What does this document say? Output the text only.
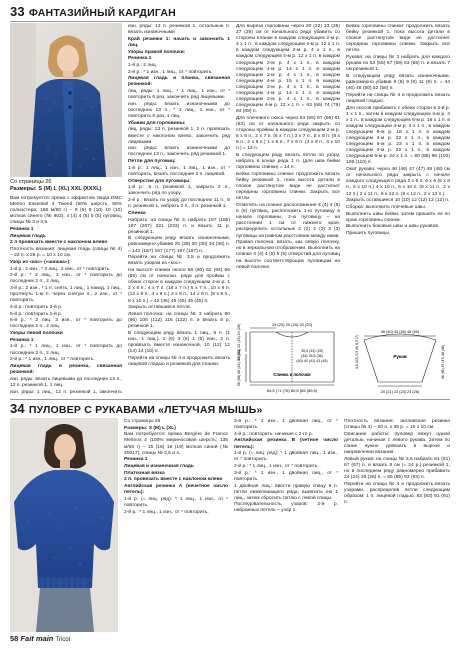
33 ФАНТАЗИЙНЫЙ КАРДИГАН
Со страницы 26
Размеры: S (M) L (XL) XXL (XXXL)

Вам потребуется: пряжа с эффектом твида DMC Merino Essentiel 4 Tweed (50% шерсть, 50% полиэстера; 165 м/50 г) – 8 (9) 9 (10) 10 (10) мотков синего (№ 903); 4 (4) 4 (5) 5 (5) пуговиц; спицы № 3 и 3,5.

Резинка 1

Лицевая гладь

2 л провязать вместе с наклоном влево

Плотность вязания: лицевая гладь (спицы № 4) – 22 п. х 28 р. = 10 х 10 см.

Узор из «кос» («шишка»):

1-й р.: 2 изн., * 3 лиц., 2 изн., от * повторить.

2-й р.: * 2 лиц., 3 изн., от * повторить до последних 2 п., 2 лиц.

3-й р.: 2 изн., * 1 п. снять, 1 лиц., 1 накид, 1 лиц., протянуть 1-ю п. через снятую п., 2 изн., от * повторить.

4-й р.: повторить 2-й р.

5-й р.: повторить 1-й р.

6-й р.: * 2 лиц. 3 изн., от * повторить до последних 2 п., 2 лиц.

Узоры левой полочки

Резинка 1

1-й р.: * 1 лиц., 1 изн., от * повторить до последних 2 п., 2 лиц.

2-й р.: * 1 изн., 1 лиц., от * повторить.

Лицевая гладь и резинка, связанная резинкой:

изн. ряды: вязать лицевыми до последних 13 п., 12 п. резинкой 1, 1 лиц.

изн. ряды: 1 лиц., 12 п. резинкой 1, закончить

изн. ряды: 13 п. резинкой 1, остальные п. вязать изнаночными

Край резинки 1: начать и закончить 1 лиц.

Узоры правой полочки:

Резинка 1

1-й р.: 2 лиц.

2-й р.: * 1 изн., 1 лиц., от * повторить.

Лицевая гладь и планка, связанная резинкой:

лиц. ряды: 1 лиц., * 1 лиц., 1 изн., от * повторить 6 раз, закончить ряд лицевыми.

изн. ряды: вязать изнаночными до последних 13 п., * 1 лиц., 1 изн., от * повторить 6 раз, 1 лиц.

Убавки для горловины:

лиц. ряды: 13 п. резинкой 1, 2 п. провязать вместе с наклоном влево, закончить ряд лицевыми.

изн. ряды: вязать изнаночными до последних 13 п., закончить ряд резинкой 1.

Петли для пуговиц:

1-й р.: 1 лиц., 1 изн., 1 лиц., 1 изн., от * повторить, вязать последние 2 п. лицевой.

Отверстие для пуговицы:

1-й р.: 5 п. резинкой 1, закрыть 2 п., закончить ряд по узору.

2-й р.: вязать по узору до последних 11 п., 8 п. резинкой 1, набрать 2 п., 3 п. резинкой 1.

Спинка

Набрать: на спицы № 3, набрать 167 (185) 197 (207) 221 (233) п. и вязать 11 р. резинкой 1.

В следующем ряду вязать изнаночными, равномерно убавив 25 (28) 30 (30) 34 (36) п. = 142 (157) 167 (177) 187 (197) п.

Перейти на спицы № 3,5 и продолжить вязать узором из «кос».

На высоте спинки около 58 (60) 62 (64) 66 (68) см от начальн. ряда для проймы с обеих сторон в каждом следующем 2-м р. 1 2 х 6 п., 4 х 7 п. (16 х 7 п.) 6 х 7 п., 10 х 8 п. (12 х 8 п., 4 х 9 п.) 2 х 8 п., 14 х 9 п. (8 х 9 п., 8 х 10 п.) = 42 (45) 45 (45) 45 (45) п.

Закрыть оставшиеся петли.

Левая полочка: на спицы № 3 набрать 90 (96) 106 (112) 116 (122) п. и вязать 8 р. резинкой 1.

В следующем ряду вязать 1 лиц., 6 п. (1 изн., 1 лиц.), 2 (5) 3 (6) 1 (5) изн., 2 п. провязать вместе изнаночной, 10 (12) 12 (14) 14 (16) п.

Перейти на спицы № 4 и продолжить вязать лицевой гладью и резинкой для планки.

Для выреза горловины через 20 (22) 23 (25) 27 (29) см от начального ряда убавить со стороны планки в каждом следующем 2-м р. 4 х 1 п., в каждом следующем 4-м р. 12 х 1 п. в каждом следующем 2-м р. 4 х 1 п., в каждом следующем 4-м р. 12 х 1 п. в каждом следующем 2-м р. 4 х 1 п., в каждом следующем 4-м р. 14 х 1 п. в каждом следующем 2-м р. 4 х 1 п., в каждом следующем 4-м р. 15 х 1 п. в каждом следующем 2-м р. 4 х 1 п., в каждом следующем 4-м р. 14 х 1 п. в каждом следующем 2-м р. 4 х 1 п., в каждом следующем 4-м р. 12 х 1 п. = 63 (66) 74 (79) 84 (89) п.

Для плечевого скоса через 53 (55) 57 (59) 61 (63) см от начального ряда закрыть со стороны проймы в каждом следующем 2-м р. 6 х 6 п., 2 х 7 п. (6 х 7 п.) 3 х 7 п., 5 х 8 п. (8 х 8 п., 2 х 9 п.) 1 х 8 п., 7 х 9 п. (4 х 9 п., 4 х 10 п.) = 13 п.

В следующем ряду вязать петли по узору, набрать в конце ряда 1 п. (для шва бейки горловины спинки) = 14 п.

Бейка горловины спинки: продолжить вязать бейку резинкой 1, пока высота детали в спокое растянутом виде не достигнет середины горловины спинки. Закрыть все петли.

Отметить на планке расположение 4 (4) 4 (5) 5 (5) пуговиц, расположить 1-ю пуговицу в начале горловины, 2-ю пуговицу – на расстоянии 1 см от нижнего края, распределить остальные 2 (2) 2 (3) 3 (3) пуговицы на равном расстоянии между ними.

Правая полочка: вязать, как левую полочку, но в зеркальном отображении. Выполнить на планке 4 (4) 4 (5) 5 (5) отверстий для пуговиц на высоте соответствующих пуговицам на левой полочке.

Бейка горловины спинки: продолжить вязать бейку резинкой 1, пока высота детали в спокое растянутом виде не достигнет середины горловины спинки. Закрыть все петли.

Рукава: на спицы № 3 набрать для каждого рукава по 53 (55) 57 (59) 63 (65) п. и вязать 7 см резинкой 1.

В следующем ряду вязать изнаночными, равномерно убавив 9 (9) 9 (9) 11 (9) п. = 44 (46) 48 (50) 52 (56) п.

Перейти на спицы № 4 и продолжить вязать лицевой гладью.

Для скосов прибавить с обеих сторон в 2-й р. 1 х 1 п., затем в каждом следующем 4-м р. 4 х 1 п., в каждом следующем 6-м р. 16 х 1 п. в каждом следующем 4-м р. 4 х 1 п., в каждом следующем 6-м р. 18 х 1 п. в каждом следующем 4-м р. 22 х 1 п., в каждом следующем 6-м р. 23 х 1 п. в каждом следующем 4-м р. 22 х 1 п., в каждом следующем 6-м р. 24 х 1 п. = 80 (88) 96 (102) 106 (110) п.

Окат рукава: через 46 (46) 47 (47) 48 (48) см от начального ряда закрыть с начале каждого следующего ряда 2 х 5 п. 6 х 6 (6 х 8 п., 6 х 10 п.) 4 х 10 п., 6 х 10 п. (8 х 11 п., 2 х 12 п.) 2 х 11 п., 6 х 12 п. (6 х 12 п., 2 х 13 п.).

Закрыть оставшиеся 10 (10) 12 (12) 12 (12) п.

Сборка: выполнить плечевые швы.

Выполнить швы бейки, затем пришить ее по краю горловины спинки.

Выполнить боковые швы и швы рукавов.

Пришить пуговицы.

19 (20) 20 (20) 20 (20)
19 (21) 22 (23) 24 (26)
56 (58) 60 (62) 64 (66)	30,5 (33) (25)
(34) 35,5 (36)
(40) 40 (41) 43 (45)
Спинка и полочки
64,5 (71 (76) 80,5 (85 (89,5)
36 (40) 44 (46) 48 (50)
Рукав
4,5 (4,5) 5,5 (6) 6,5 (7)	46 (46) 47 (47) 48 (48)
20 (21) 22 (23) 24 (25)
34 ПУЛОВЕР С РУКАВАМИ «ЛЕТУЧАЯ МЫШЬ»

Со страницы 26

Размеры: S (M) L (XL)

Вам потребуется: пряжа Bergère de France Merinos 4 (100% мериносовая шерсть; 135 м/50 г) – 15 (16) 18 (19) мотков синей (№ 20017); спицы № 3,5 и 4.

Резинка 1

Лицевая и изнаночная гладь

Платочная вязка

2 п. провязать вместе с наклоном влево

Английская резинка А (нечетное число петель):

1-й р. (= лиц. ряд): * 1 лиц., 1 изн., от * повторить.

2-й р.: * 1 лиц., 1 изн., от * повторить.

3-й р.: * 1 изн., 1 двойная лиц., от * повторить.

4-й р.: повторить, начиная с 2-го р.

Английская резинка В (четное число петель):

1-й р. (= лиц. ряд): * 1 двойная лиц., 1 изн., от * повторить.

2-й р.: * 1 лиц., 1 изн., от * повторить.

3-й р.: * 1 изн., 1 двойная лиц., от * повторить.

1 двойная лиц.: ввести правую спицу в п. петли нижележащего ряда, вывязать ею 1 лиц., затем сбросить петлю с левой спицы.

Последовательность узоров: 2-й р. набранных петель – узор 1.

Плотность вязания: английская резинка (спицы № 4) – 20 п. х 35 р. = 10 х 10 см.

Описание работы: пуловер вяжут одной деталью, начиная с левого рукава. Затем по спине нужно довязать в вырезе и направлении вязания.

Левый рукав: на спицы № 3,5 набрать 61 (61) 67 (67) п. и вязать 8 см (= 24 р.) резинкой 1, но в последнем ряду равномерно прибавить 24 (24) 26 (26) п. = 85 (85) 93 (93) п.

Перейти на спицы № 4 и продолжить вязать узорами, распределив петли следующим образом: 1 п. лицевой гладью, 83 (83) 91 (91) п.

58 Fait main Tricot
